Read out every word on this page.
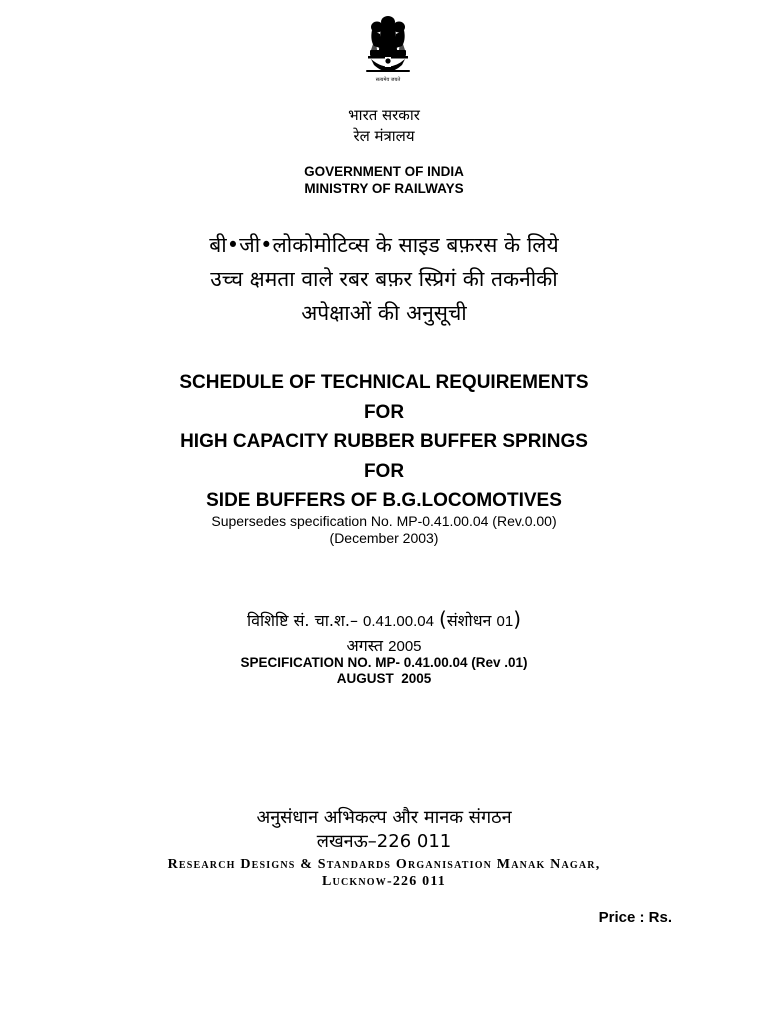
सत्यमेव जयते
भारत सरकार
रेल मंत्रालय
GOVERNMENT OF INDIA
MINISTRY OF RAILWAYS
बी•जी•लोकोमोटिव्स के साइड बफ़रस के लिये
उच्च क्षमता वाले रबर बफ़र स्प्रिगं की तकनीकी
अपेक्षाओं की अनुसूची
SCHEDULE OF TECHNICAL REQUIREMENTS
FOR
HIGH CAPACITY RUBBER BUFFER SPRINGS
FOR
SIDE BUFFERS OF B.G.LOCOMOTIVES
Supersedes specification No. MP-0.41.00.04 (Rev.0.00)
(December 2003)
विशिष्टि सं. चा.श.– 0.41.00.04 (संशोधन 01)
अगस्त 2005
SPECIFICATION NO. MP- 0.41.00.04 (Rev .01)
AUGUST  2005
अनुसंधान अभिकल्प और मानक संगठन
लखनऊ–226 011
Research Designs & Standards Organisation Manak Nagar,
Lucknow-226 011
Price : Rs.
